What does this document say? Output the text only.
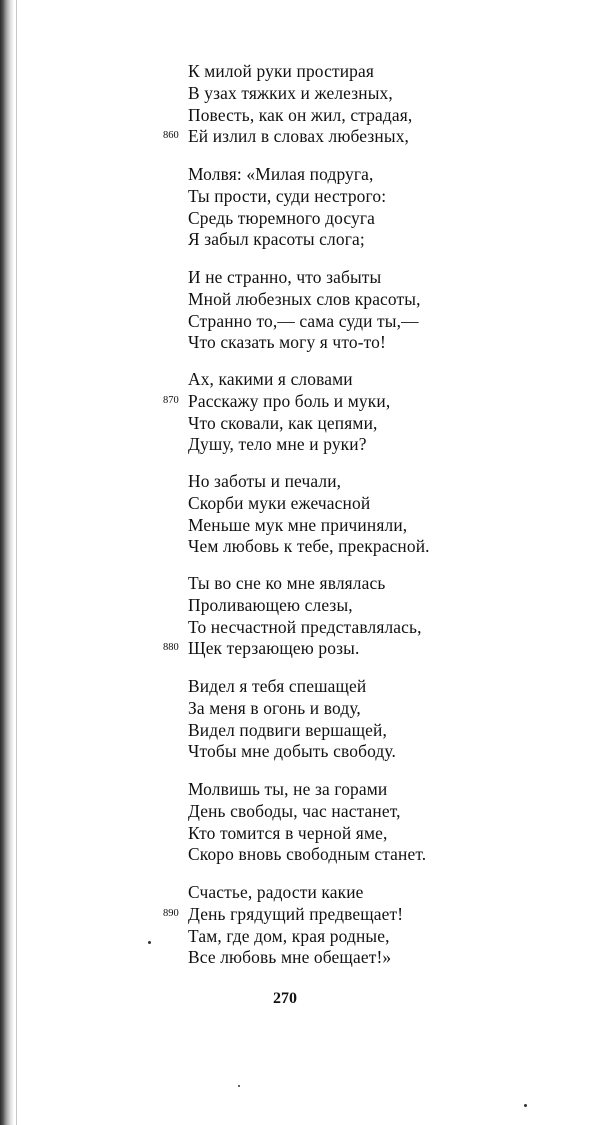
К милой руки простирая
В узах тяжких и железных,
Повесть, как он жил, страдая,
860 Ей излил в словах любезных,
Молвя: «Милая подруга,
Ты прости, суди нестрого:
Средь тюремного досуга
Я забыл красоты слога;
И не странно, что забыты
Мной любезных слов красоты,
Странно то,— сама суди ты,—
Что сказать могу я что-то!
Ах, какими я словами
870 Расскажу про боль и муки,
Что сковали, как цепями,
Душу, тело мне и руки?
Но заботы и печали,
Скорби муки ежечасной
Меньше мук мне причиняли,
Чем любовь к тебе, прекрасной.
Ты во сне ко мне являлась
Проливающею слезы,
То несчастной представлялась,
880 Щек терзающею розы.
Видел я тебя спешащей
За меня в огонь и воду,
Видел подвиги вершащей,
Чтобы мне добыть свободу.
Молвишь ты, не за горами
День свободы, час настанет,
Кто томится в черной яме,
Скоро вновь свободным станет.
Счастье, радости какие
890 День грядущий предвещает!
Там, где дом, края родные,
Все любовь мне обещает!»
270
